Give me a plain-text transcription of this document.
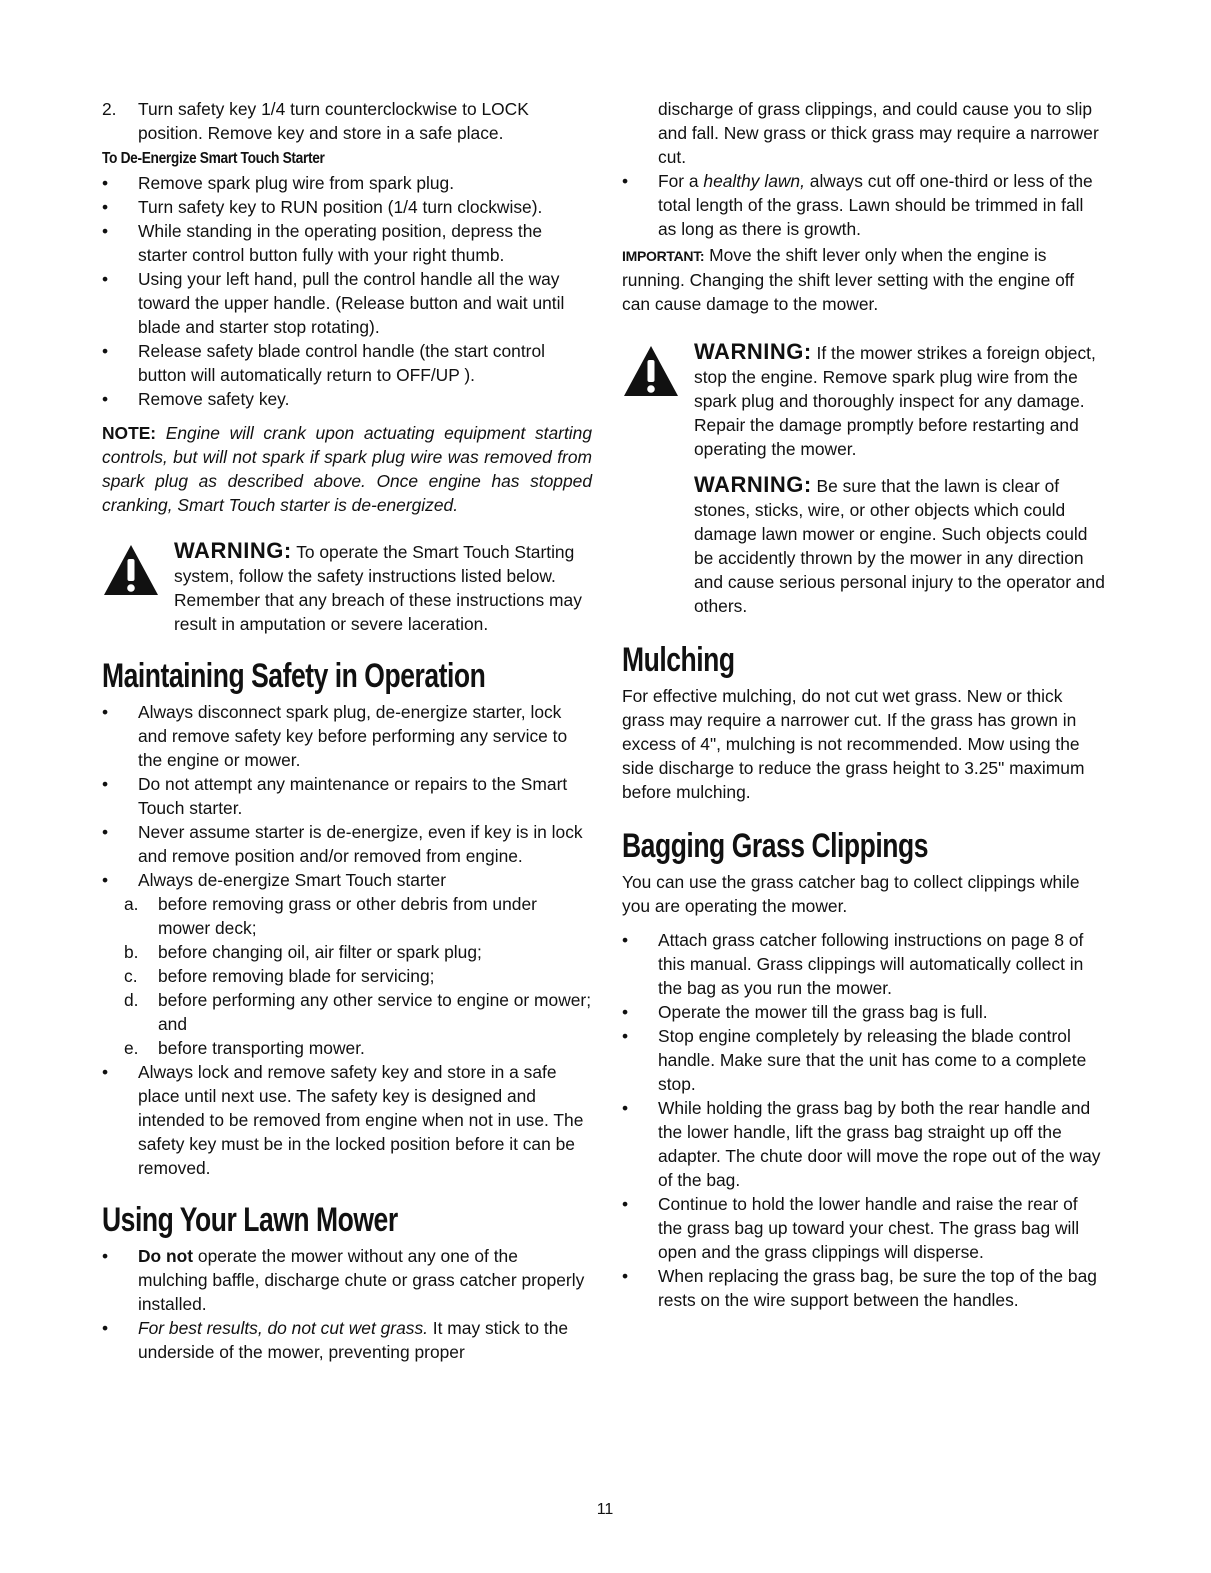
2. Turn safety key 1/4 turn counterclockwise to LOCK position. Remove key and store in a safe place.
To De-Energize Smart Touch Starter
• Remove spark plug wire from spark plug.
• Turn safety key to RUN position (1/4 turn clockwise).
• While standing in the operating position, depress the starter control button fully with your right thumb.
• Using your left hand, pull the control handle all the way toward the upper handle. (Release button and wait until blade and starter stop rotating).
• Release safety blade control handle (the start control button will automatically return to OFF/UP ).
• Remove safety key.

NOTE: Engine will crank upon actuating equipment starting controls, but will not spark if spark plug wire was removed from spark plug as described above. Once engine has stopped cranking, Smart Touch starter is de-energized.

WARNING: To operate the Smart Touch Starting system, follow the safety instructions listed below. Remember that any breach of these instructions may result in amputation or severe laceration.
Maintaining Safety in Operation
• Always disconnect spark plug, de-energize starter, lock and remove safety key before performing any service to the engine or mower.
• Do not attempt any maintenance or repairs to the Smart Touch starter.
• Never assume starter is de-energize, even if key is in lock and remove position and/or removed from engine.
• Always de-energize Smart Touch starter
a. before removing grass or other debris from under mower deck;
b. before changing oil, air filter or spark plug;
c. before removing blade for servicing;
d. before performing any other service to engine or mower; and
e. before transporting mower.
• Always lock and remove safety key and store in a safe place until next use. The safety key is designed and intended to be removed from engine when not in use. The safety key must be in the locked position before it can be removed.
Using Your Lawn Mower
• Do not operate the mower without any one of the mulching baffle, discharge chute or grass catcher properly installed.
• For best results, do not cut wet grass. It may stick to the underside of the mower, preventing proper

discharge of grass clippings, and could cause you to slip and fall. New grass or thick grass may require a narrower cut.

• For a healthy lawn, always cut off one-third or less of the total length of the grass. Lawn should be trimmed in fall as long as there is growth.

IMPORTANT: Move the shift lever only when the engine is running. Changing the shift lever setting with the engine off can cause damage to the mower.

WARNING: If the mower strikes a foreign object, stop the engine. Remove spark plug wire from the spark plug and thoroughly inspect for any damage. Repair the damage promptly before restarting and operating the mower.
WARNING: Be sure that the lawn is clear of stones, sticks, wire, or other objects which could damage lawn mower or engine. Such objects could be accidently thrown by the mower in any direction and cause serious personal injury to the operator and others.
Mulching

For effective mulching, do not cut wet grass. New or thick grass may require a narrower cut. If the grass has grown in excess of 4", mulching is not recommended. Mow using the side discharge to reduce the grass height to 3.25" maximum before mulching.

Bagging Grass Clippings

You can use the grass catcher bag to collect clippings while you are operating the mower.

• Attach grass catcher following instructions on page 8 of this manual. Grass clippings will automatically collect in the bag as you run the mower.
• Operate the mower till the grass bag is full.
• Stop engine completely by releasing the blade control handle. Make sure that the unit has come to a complete stop.
• While holding the grass bag by both the rear handle and the lower handle, lift the grass bag straight up off the adapter. The chute door will move the rope out of the way of the bag.
• Continue to hold the lower handle and raise the rear of the grass bag up toward your chest. The grass bag will open and the grass clippings will disperse.
• When replacing the grass bag, be sure the top of the bag rests on the wire support between the handles.
11
